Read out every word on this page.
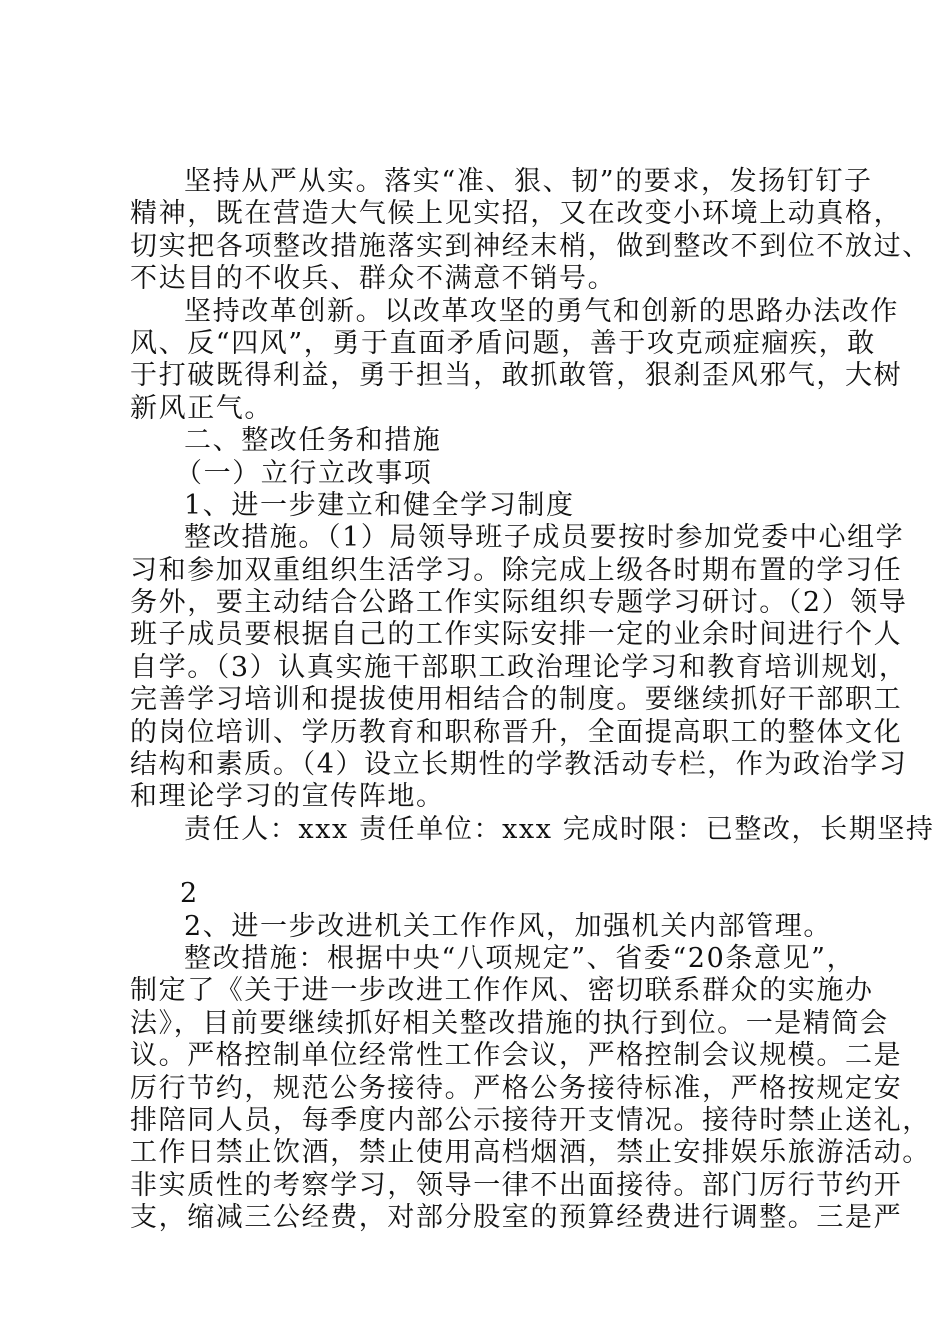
坚持从严从实。落实“准、狠、韧”的要求，发扬钉钉子
精神，既在营造大气候上见实招，又在改变小环境上动真格，
切实把各项整改措施落实到神经末梢，做到整改不到位不放过、
不达目的不收兵、群众不满意不销号。
坚持改革创新。以改革攻坚的勇气和创新的思路办法改作
风、反“四风”，勇于直面矛盾问题，善于攻克顽症痼疾，敢
于打破既得利益，勇于担当，敢抓敢管，狠刹歪风邪气，大树
新风正气。
二、整改任务和措施
（一）立行立改事项
1、进一步建立和健全学习制度
整改措施。（1）局领导班子成员要按时参加党委中心组学
习和参加双重组织生活学习。除完成上级各时期布置的学习任
务外，要主动结合公路工作实际组织专题学习研讨。（2）领导
班子成员要根据自己的工作实际安排一定的业余时间进行个人
自学。（3）认真实施干部职工政治理论学习和教育培训规划，
完善学习培训和提拔使用相结合的制度。要继续抓好干部职工
的岗位培训、学历教育和职称晋升，全面提高职工的整体文化
结构和素质。（4）设立长期性的学教活动专栏，作为政治学习
和理论学习的宣传阵地。
责任人：xxx 责任单位：xxx 完成时限：已整改，长期坚持
2
2、进一步改进机关工作作风，加强机关内部管理。
整改措施：根据中央“八项规定”、省委“20条意见”，
制定了《关于进一步改进工作作风、密切联系群众的实施办
法》，目前要继续抓好相关整改措施的执行到位。一是精简会
议。严格控制单位经常性工作会议，严格控制会议规模。二是
厉行节约，规范公务接待。严格公务接待标准，严格按规定安
排陪同人员，每季度内部公示接待开支情况。接待时禁止送礼，
工作日禁止饮酒，禁止使用高档烟酒，禁止安排娱乐旅游活动。
非实质性的考察学习，领导一律不出面接待。部门厉行节约开
支，缩减三公经费，对部分股室的预算经费进行调整。三是严
